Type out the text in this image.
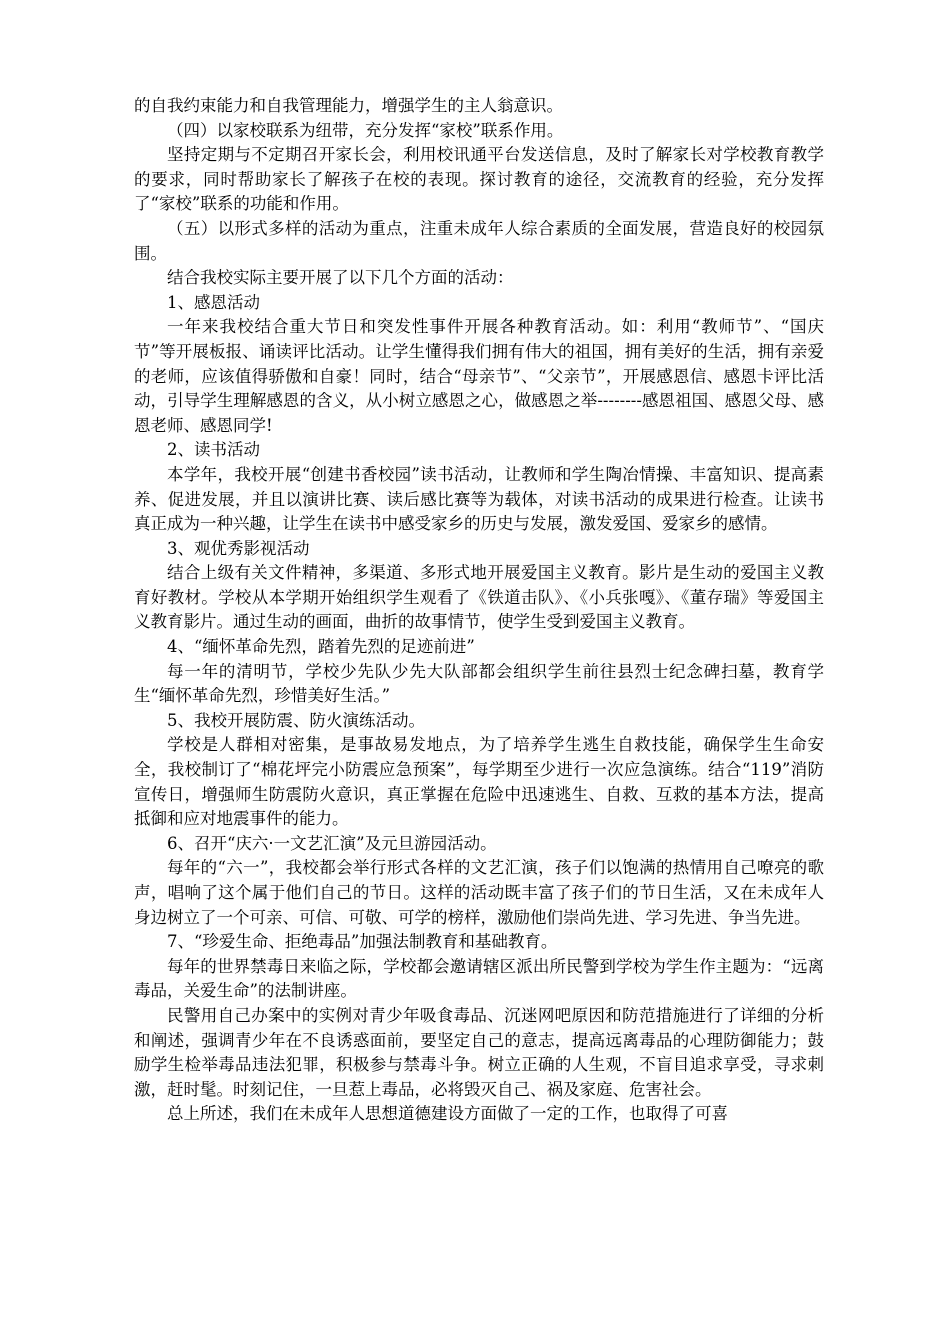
的自我约束能力和自我管理能力，增强学生的主人翁意识。

（四）以家校联系为纽带，充分发挥“家校”联系作用。

坚持定期与不定期召开家长会，利用校讯通平台发送信息，及时了解家长对学校教育教学的要求，同时帮助家长了解孩子在校的表现。探讨教育的途径，交流教育的经验，充分发挥了“家校”联系的功能和作用。

（五）以形式多样的活动为重点，注重未成年人综合素质的全面发展，营造良好的校园氛围。

结合我校实际主要开展了以下几个方面的活动：

1、感恩活动

一年来我校结合重大节日和突发性事件开展各种教育活动。如：利用“教师节”、“国庆节”等开展板报、诵读评比活动。让学生懂得我们拥有伟大的祖国，拥有美好的生活，拥有亲爱的老师，应该值得骄傲和自豪！同时，结合“母亲节”、“父亲节”，开展感恩信、感恩卡评比活动，引导学生理解感恩的含义，从小树立感恩之心，做感恩之举--------感恩祖国、感恩父母、感恩老师、感恩同学!

2、读书活动

本学年，我校开展“创建书香校园”读书活动，让教师和学生陶冶情操、丰富知识、提高素养、促进发展，并且以演讲比赛、读后感比赛等为载体，对读书活动的成果进行检查。让读书真正成为一种兴趣，让学生在读书中感受家乡的历史与发展，激发爱国、爱家乡的感情。

3、观优秀影视活动

结合上级有关文件精神，多渠道、多形式地开展爱国主义教育。影片是生动的爱国主义教育好教材。学校从本学期开始组织学生观看了《铁道击队》、《小兵张嘎》、《董存瑞》等爱国主义教育影片。通过生动的画面，曲折的故事情节，使学生受到爱国主义教育。

4、“缅怀革命先烈，踏着先烈的足迹前进”

每一年的清明节，学校少先队少先大队部都会组织学生前往县烈士纪念碑扫墓，教育学生“缅怀革命先烈，珍惜美好生活。”

5、我校开展防震、防火演练活动。

学校是人群相对密集，是事故易发地点，为了培养学生逃生自救技能，确保学生生命安全，我校制订了“棉花坪完小防震应急预案”，每学期至少进行一次应急演练。结合“119”消防宣传日，增强师生防震防火意识，真正掌握在危险中迅速逃生、自救、互救的基本方法，提高抵御和应对地震事件的能力。

6、召开“庆六·一文艺汇演”及元旦游园活动。

每年的“六一”，我校都会举行形式各样的文艺汇演，孩子们以饱满的热情用自己嘹亮的歌声，唱响了这个属于他们自己的节日。这样的活动既丰富了孩子们的节日生活，又在未成年人身边树立了一个可亲、可信、可敬、可学的榜样，激励他们崇尚先进、学习先进、争当先进。

7、“珍爱生命、拒绝毒品”加强法制教育和基础教育。

每年的世界禁毒日来临之际，学校都会邀请辖区派出所民警到学校为学生作主题为：“远离毒品，关爱生命”的法制讲座。

民警用自己办案中的实例对青少年吸食毒品、沉迷网吧原因和防范措施进行了详细的分析和阐述，强调青少年在不良诱惑面前，要坚定自己的意志，提高远离毒品的心理防御能力；鼓励学生检举毒品违法犯罪，积极参与禁毒斗争。树立正确的人生观，不盲目追求享受，寻求刺激，赶时髦。时刻记住，一旦惹上毒品，必将毁灭自己、祸及家庭、危害社会。

总上所述，我们在未成年人思想道德建设方面做了一定的工作，也取得了可喜
